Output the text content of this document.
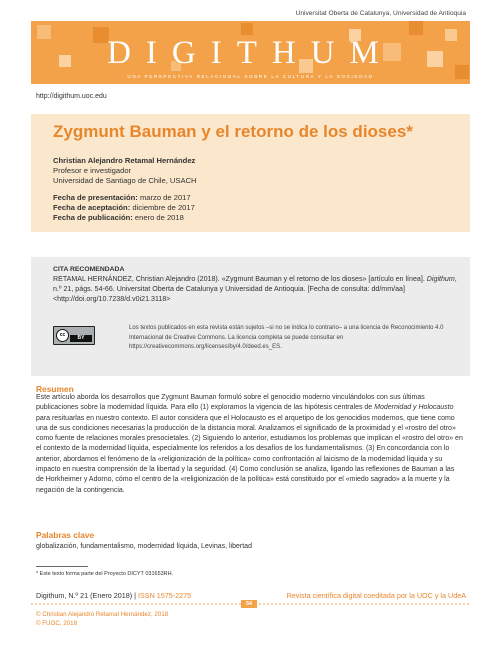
Universitat Oberta de Catalunya, Universidad de Antioquia
DIGITHUM
UNA PERSPECTIVA RELACIONAL SOBRE LA CULTURA Y LA SOCIEDAD
http://digithum.uoc.edu
Zygmunt Bauman y el retorno de los dioses*
Christian Alejandro Retamal Hernández
Profesor e investigador
Universidad de Santiago de Chile, USACH
Fecha de presentación: marzo de 2017
Fecha de aceptación: diciembre de 2017
Fecha de publicación: enero de 2018
CITA RECOMENDADA
RETAMAL HERNÁNDEZ, Christian Alejandro (2018). «Zygmunt Bauman y el retorno de los dioses» [artículo en línea]. Digithum, n.º 21, págs. 54-66. Universitat Oberta de Catalunya y Universidad de Antioquia. [Fecha de consulta: dd/mm/aa]
<http://doi.org/10.7238/d.v0i21.3118>
cc	BY
Los textos publicados en esta revista están sujetos –si no se indica lo contrario– a una licencia de Reconocimiento 4.0 Internacional de Creative Commons. La licencia completa se puede consultar en https://creativecommons.org/licenses/by/4.0/deed.es_ES.
Resumen
Este artículo aborda los desarrollos que Zygmunt Bauman formuló sobre el genocidio moderno vinculándolos con sus últimas publicaciones sobre la modernidad líquida. Para ello (1) exploramos la vigencia de las hipótesis centrales de Modernidad y Holocausto para resituarlas en nuestro contexto. El autor considera que el Holocausto es el arquetipo de los genocidios modernos, que tiene como una de sus condiciones necesarias la producción de la distancia moral. Analizamos el significado de la proximidad y el «rostro del otro» como fuente de relaciones morales presocietales. (2) Siguiendo lo anterior, estudiamos los problemas que implican el «rostro del otro» en el contexto de la modernidad líquida, especialmente los referidos a los desafíos de los fundamentalismos. (3) En concordancia con lo anterior, abordamos el fenómeno de la «religionización de la política» como confrontación al laicismo de la modernidad líquida y su impacto en nuestra comprensión de la libertad y la seguridad. (4) Como conclusión se analiza, ligando las reflexiones de Bauman a las de Horkheimer y Adorno, cómo el centro de la «religionización de la política» está constituido por el «miedo sagrado» a la muerte y la negación de la contingencia.
Palabras clave
globalización, fundamentalismo, modernidad líquida, Levinas, libertad
* Este texto forma parte del Proyecto DICYT 031653RH.
Digithum, N.º 21 (Enero 2018) | ISSN 1575-2275	Revista científica digital coeditada por la UOC y la UdeA
54
© Christian Alejandro Retamal Hernández, 2018
© FUOC, 2018
